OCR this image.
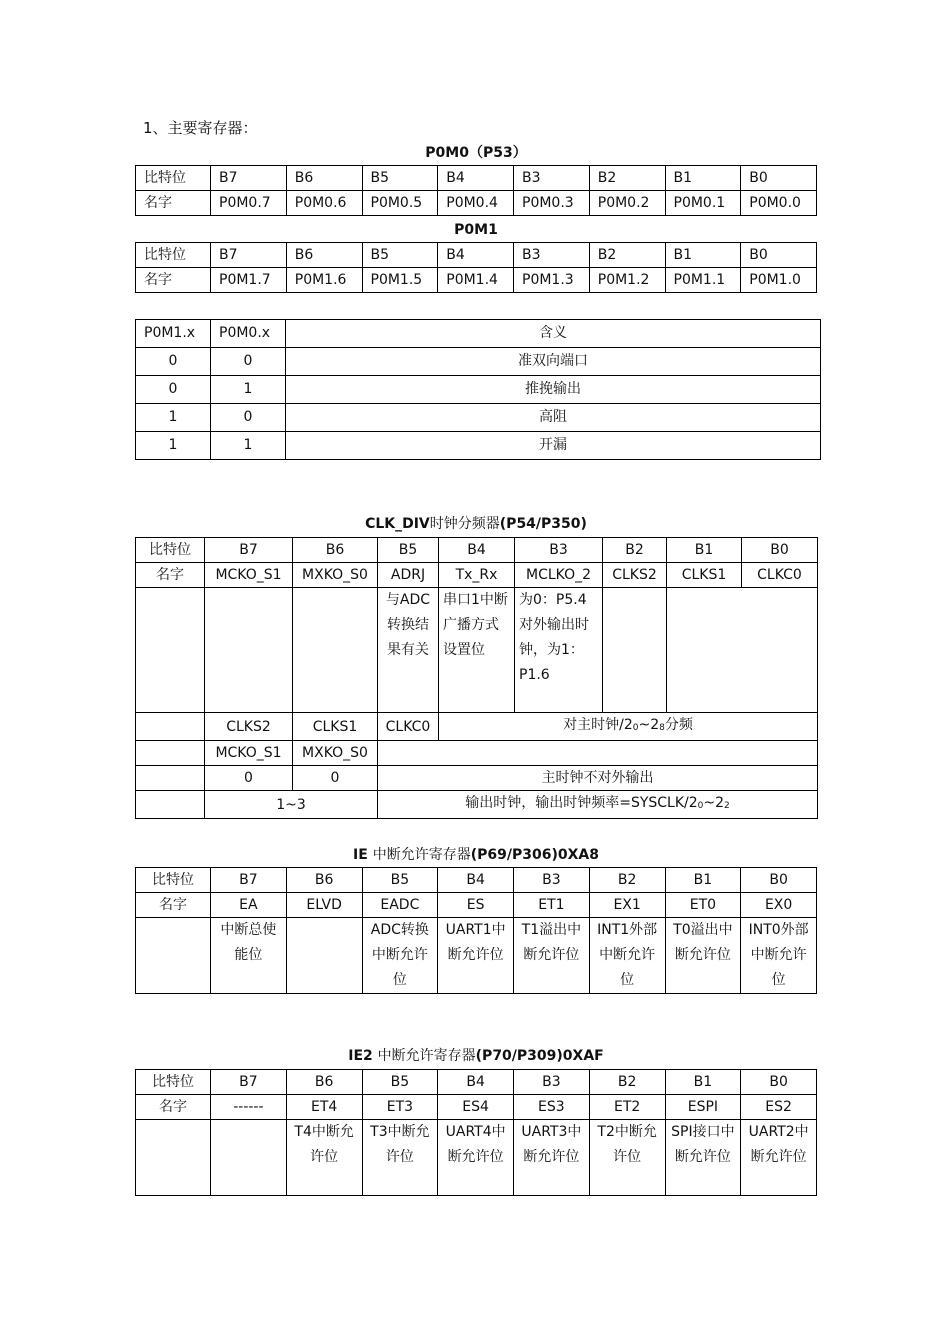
1、主要寄存器：
P0M0（P53）
比特位	B7	B6	B5	B4	B3	B2	B1	B0
名字	P0M0.7	P0M0.6	P0M0.5	P0M0.4	P0M0.3	P0M0.2	P0M0.1	P0M0.0
P0M1
比特位	B7	B6	B5	B4	B3	B2	B1	B0
名字	P0M1.7	P0M1.6	P0M1.5	P0M1.4	P0M1.3	P0M1.2	P0M1.1	P0M1.0
P0M1.x	P0M0.x	含义
0	0	准双向端口
0	1	推挽输出
1	0	高阻
1	1	开漏
CLK_DIV时钟分频器(P54/P350)
比特位	B7	B6	B5	B4	B3	B2	B1	B0
名字	MCKO_S1	MXKO_S0	ADRJ	Tx_Rx	MCLKO_2	CLKS2	CLKS1	CLKC0
			与ADC转换结果有关	串口1中断广播方式设置位	为0：P5.4对外输出时钟，为1：P1.6			
	CLKS2	CLKS1	CLKC0	对主时钟$/2_0\sim 2_8$分频				
	MCKO_S1	MXKO_S0						
	0	0	主时钟不对外输出					
	1~3		输出时钟，输出时钟频率$=SYSCLK/2_0\sim 2_2$
IE 中断允许寄存器(P69/P306)0XA8
比特位	B7	B6	B5	B4	B3	B2	B1	B0
名字	EA	ELVD	EADC	ES	ET1	EX1	ET0	EX0
	中断总使能位		ADC转换中断允许位	UART1中断允许位	T1溢出中断允许位	INT1外部中断允许位	T0溢出中断允许位	INT0外部中断允许位
IE2 中断允许寄存器(P70/P309)0XAF
比特位	B7	B6	B5	B4	B3	B2	B1	B0
名字	------	ET4	ET3	ES4	ES3	ET2	ESPI	ES2
		T4中断允许位	T3中断允许位	UART4中断允许位	UART3中断允许位	T2中断允许位	SPI接口中断允许位	UART2中断允许位
